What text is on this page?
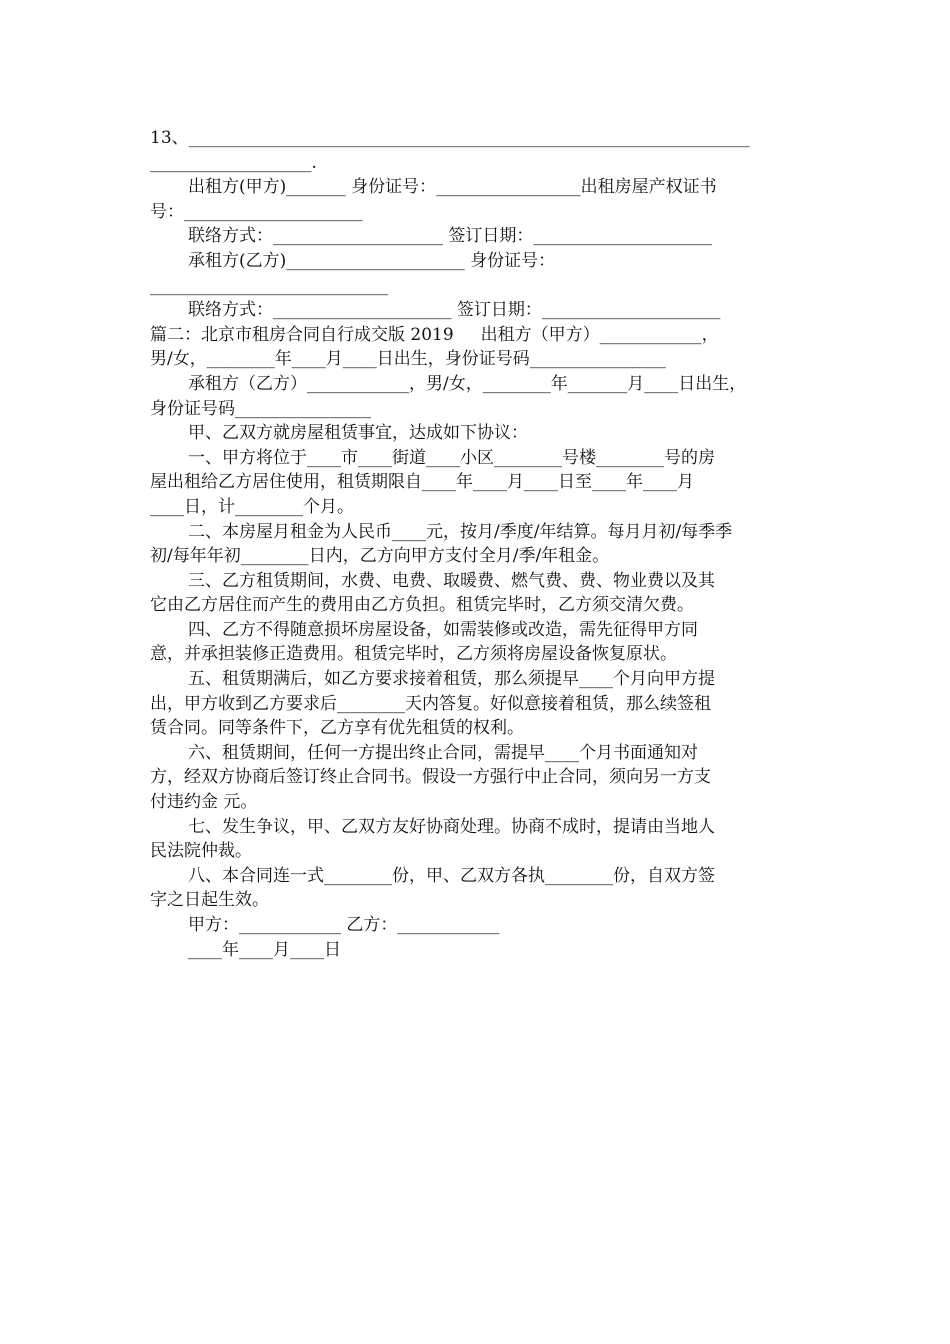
13、__________________________________________________________________
___________________.
出租方(甲方)_______ 身份证号：_________________出租房屋产权证书
号：_____________________
联络方式：____________________ 签订日期：_____________________
承租方(乙方)_____________________ 身份证号：
____________________________
联络方式：_____________________ 签订日期：_____________________
篇二：北京市租房合同自行成交版 2019     出租方（甲方）____________，
男/女，________年____月____日出生，身份证号码________________
承租方（乙方）____________，男/女，________年_______月____日出生，
身份证号码________________
甲、乙双方就房屋租赁事宜，达成如下协议：
一、甲方将位于____市____街道____小区________号楼________号的房
屋出租给乙方居住使用，租赁期限自____年____月____日至____年____月
____日，计________个月。
二、本房屋月租金为人民币____元，按月/季度/年结算。每月月初/每季季
初/每年年初________日内，乙方向甲方支付全月/季/年租金。
三、乙方租赁期间，水费、电费、取暖费、燃气费、费、物业费以及其
它由乙方居住而产生的费用由乙方负担。租赁完毕时，乙方须交清欠费。
四、乙方不得随意损坏房屋设备，如需装修或改造，需先征得甲方同
意，并承担装修正造费用。租赁完毕时，乙方须将房屋设备恢复原状。
五、租赁期满后，如乙方要求接着租赁，那么须提早____个月向甲方提
出，甲方收到乙方要求后________天内答复。好似意接着租赁，那么续签租
赁合同。同等条件下，乙方享有优先租赁的权利。
六、租赁期间，任何一方提出终止合同，需提早____个月书面通知对
方，经双方协商后签订终止合同书。假设一方强行中止合同，须向另一方支
付违约金 元。
七、发生争议，甲、乙双方友好协商处理。协商不成时，提请由当地人
民法院仲裁。
八、本合同连一式________份，甲、乙双方各执________份，自双方签
字之日起生效。
甲方：____________ 乙方：____________
____年____月____日
